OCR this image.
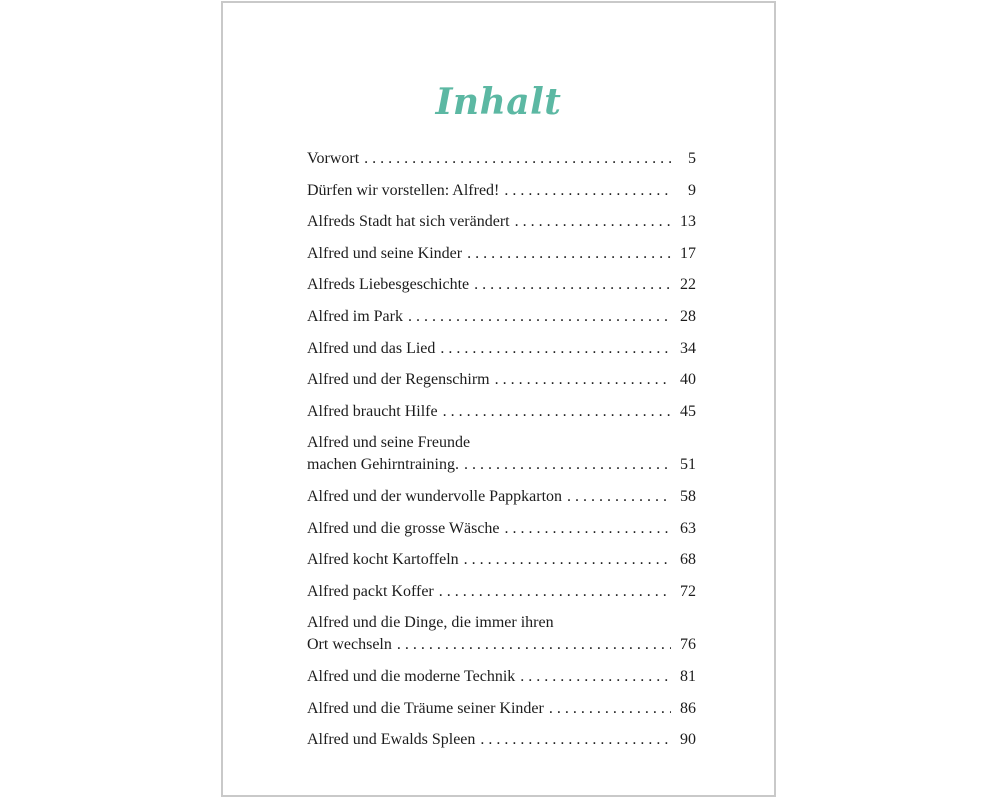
Inhalt
Vorwort . . .	5
Dürfen wir vorstellen: Alfred! . . .	9
Alfreds Stadt hat sich verändert . . .	13
Alfred und seine Kinder . . .	17
Alfreds Liebesgeschichte . . .	22
Alfred im Park . . .	28
Alfred und das Lied . . .	34
Alfred und der Regenschirm . . .	40
Alfred braucht Hilfe . . .	45
Alfred und seine Freunde
machen Gehirntraining. . . .	51
Alfred und der wundervolle Pappkarton . . .	58
Alfred und die grosse Wäsche . . .	63
Alfred kocht Kartoffeln . . .	68
Alfred packt Koffer . . .	72
Alfred und die Dinge, die immer ihren
Ort wechseln . . .	76
Alfred und die moderne Technik . . .	81
Alfred und die Träume seiner Kinder . . .	86
Alfred und Ewalds Spleen . . .	90
